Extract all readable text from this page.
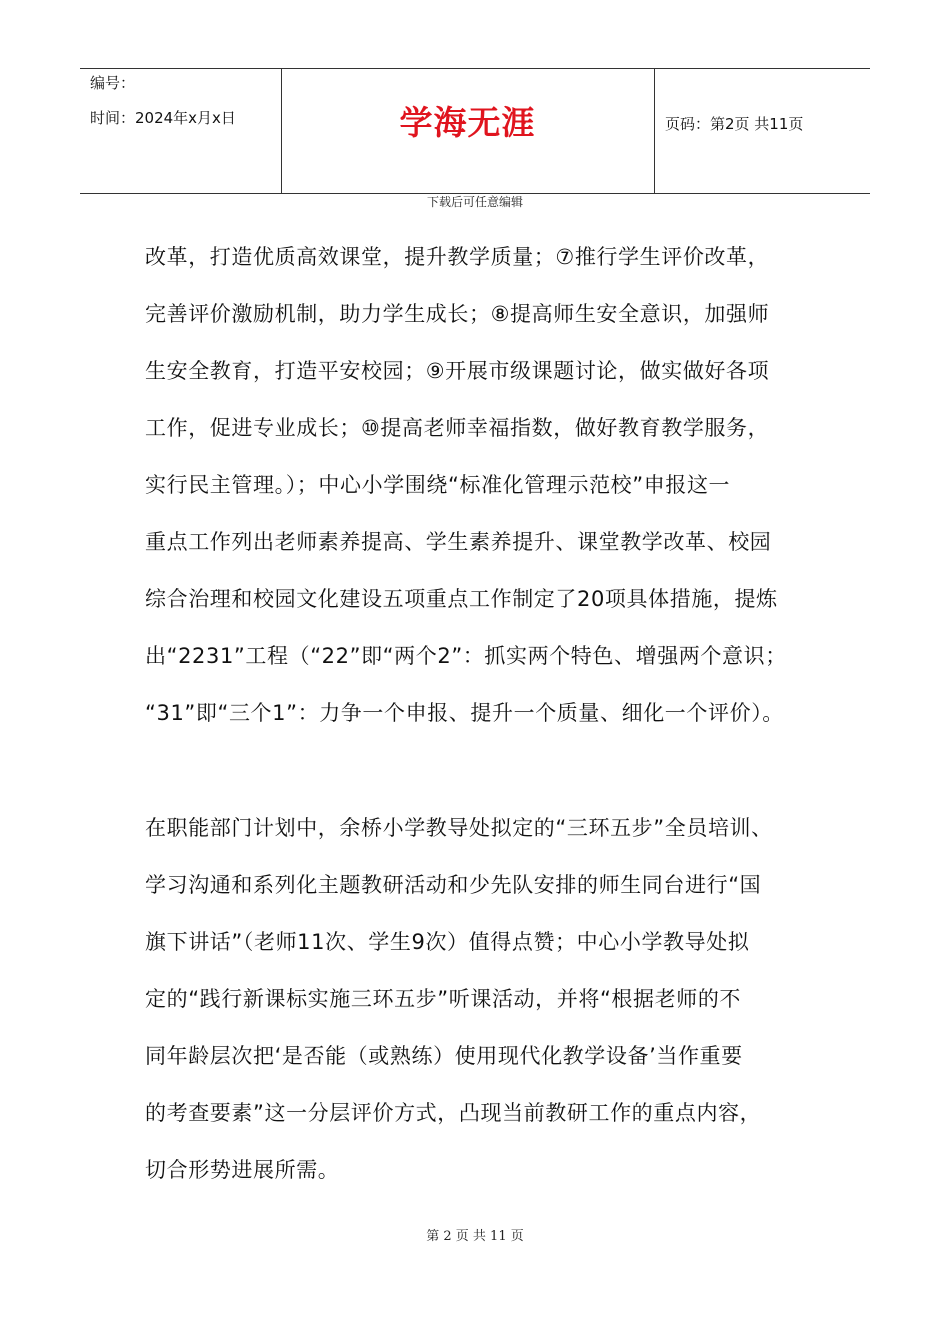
编号：
时间：2024年x月x日	学海无涯	页码：第2页 共11页
下载后可任意编辑
改革，打造优质高效课堂，提升教学质量；⑦推行学生评价改革，
完善评价激励机制，助力学生成长；⑧提高师生安全意识，加强师
生安全教育，打造平安校园；⑨开展市级课题讨论，做实做好各项
工作，促进专业成长；⑩提高老师幸福指数，做好教育教学服务，
实行民主管理。）；中心小学围绕“标准化管理示范校”申报这一
重点工作列出老师素养提高、学生素养提升、课堂教学改革、校园
综合治理和校园文化建设五项重点工作制定了20项具体措施，提炼
出“2231”工程（“22”即“两个2”：抓实两个特色、增强两个意识；
“31”即“三个1”：力争一个申报、提升一个质量、细化一个评价）。
在职能部门计划中，余桥小学教导处拟定的“三环五步”全员培训、
学习沟通和系列化主题教研活动和少先队安排的师生同台进行“国
旗下讲话”（老师11次、学生9次）值得点赞；中心小学教导处拟
定的“践行新课标实施三环五步”听课活动，并将“根据老师的不
同年龄层次把‘是否能（或熟练）使用现代化教学设备’当作重要
的考查要素”这一分层评价方式，凸现当前教研工作的重点内容，
切合形势进展所需。
第 2 页 共 11 页
